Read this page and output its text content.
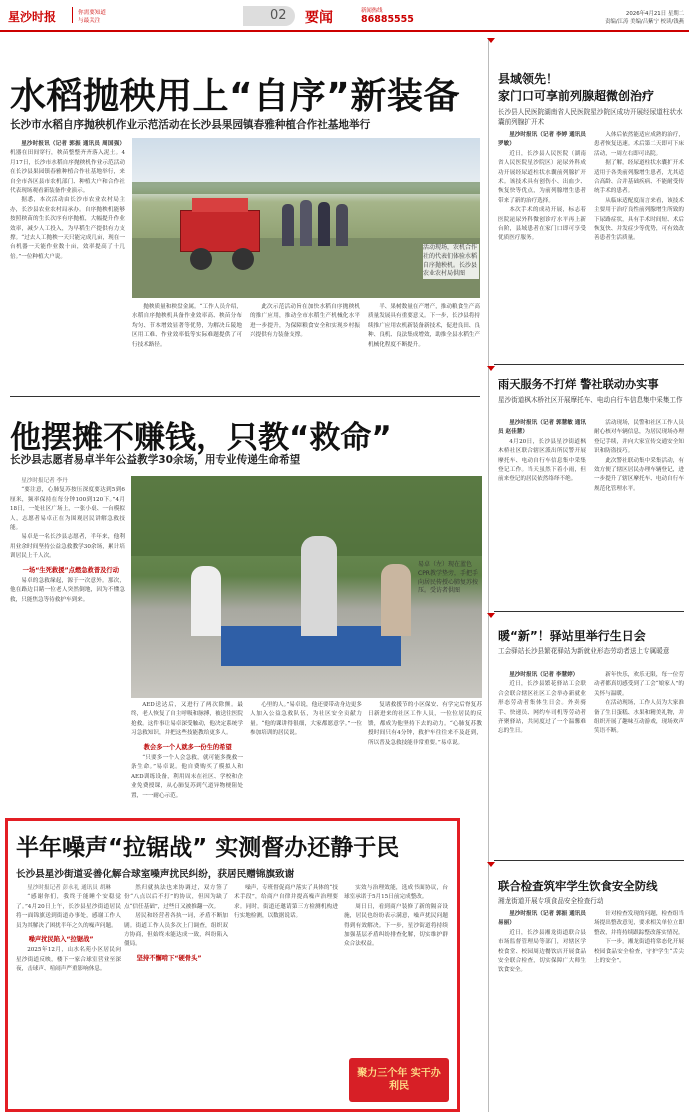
星沙时报	你需要知道
与最关注	02 要闻	新闻热线
86885555	2026年4月21日 星期二
责编/江涛 美编/吕紫宁 校读/钱燕
水稻抛秧用上“自序”新装备
长沙市水稻自序抛秧机作业示范活动在长沙县果园镇春雅种植合作社基地举行

星沙时报讯（记者 郭振 通讯员 周国强）机器在田间穿行，秧苗整整齐齐落入泥土。4月17日，长沙市水稻自序抛秧机作业示范活动在长沙县果园镇春雅种植合作社基地举行，来自全市各区县市农机部门、种植大户和合作社代表现场观看新装备作业演示。

据悉，本次活动由长沙市农业农村局主办，长沙县农业农村局承办。自序抛秧机能够按照秧苗的生长次序有序抛植，大幅提升作业效率，减少人工投入，为早稻生产提供有力支撑。“过去人工抛秧一天只能完成几亩，现在一台机器一天能作业数十亩，效率提高了十几倍。”一位种植大户说。

活动现场，农机合作社的代表们体验水稻自序抛秧机。长沙县农业农村局供图

抛秧质量和秧盘金属。“工作人员介绍，水稻自序抛秧机具备作业效率高、秧苗分布均匀、节本增效显著等优势，为解决丘陵地区用工难、作业效率低等实际难题提供了可行技术路径。

此次示范活动旨在加快水稻自序抛秧机的推广应用，推动全市水稻生产机械化水平进一步提升，为保障粮食安全和实现乡村振兴提供有力装备支撑。

半、果树数量在产增产，推动粮食生产高质量发展具有重要意义。下一步，长沙县将持续推广应用农机新装备新技术，促进良田、良种、良机、良法集成增效，助推全县水稻生产机械化程度不断提升。

他摆摊不赚钱，只教“救命”
长沙县志愿者易卓半年公益教学30余场，用专业传递生命希望

星沙时报记者 李丹

“要注意，心肺复苏按压深度要达到5到6厘米，频率保持在每分钟100到120下。”4月18日，一处社区广场上，一张小桌、一台模拟人，志愿者易卓正在为围观居民讲解急救技能。

易卓是一名长沙县志愿者，半年来，他利用业余时间坚持公益急救教学30余场，累计培训居民上千人次。

一场“生死救援”点燃急救普及行动

易卓的急救缘起，源于一次意外。那次，他在路边目睹一位老人突然倒地，因为不懂急救，只能焦急等待救护车到来。

易卓（左）现在蓝色CPR教学垫旁，手把手向居民传授心肺复苏按压。受访者供图

AED送达后，又进行了两次除颤。最终，老人恢复了自主呼吸和脉搏，被送往医院抢救。这件事让易卓深受触动，他决定系统学习急救知识，并把这些技能教给更多人。

教会多一个人就多一份生的希望

“只要多一个人会急救，就可能多挽救一条生命。”易卓说。他自费购买了模拟人和AED训练设备，利用周末在社区、学校和企业免费授课，从心肺复苏到气道异物梗阻处置，一一耐心示范。

心里的人。”易卓说，他还要带动身边更多人加入公益急救队伍，为社区安全贡献力量。“他的课讲得很细，大家都愿意学。”一位参加培训的居民说。

复诸救援节的小区保安、有学完后脊复苏日新进来的社区工作人员，一位位居民的反馈，都成为他坚持下去的动力。“心肺复苏教授时间只有4分钟，救护车往往来不及赶到，所以普及急救技能非常重要。”易卓说。

半年噪声“拉锯战” 实测督办还静于民
长沙县星沙街道妥善化解合球室噪声扰民纠纷，获居民赠锦旗致谢

星沙时报记者 彭永礼 通讯员 胡琳

“感谢你们，我终于能睡个安稳觉了。”4月20日上午，长沙县星沙街道居民将一面锦旗送到街道办事处，感谢工作人员为其解决了困扰半年之久的噪声问题。

噪声扰民陷入“拉锯战”

2025年12月，山水名苑小区居民向星沙街道反映，楼下一家合球室营业至深夜，击球声、喧闹声严重影响休息。

然归就执法也来协调过，双方签了份“八点以后不打”的协议，但因为缺了点“信任基础”，过些日又被推翻一次。

居民和经营者各执一词，矛盾不断加剧。街道工作人员多次上门调查，组织双方协商，但始终未能达成一致，纠纷陷入僵局。

坚持不懈啃下“硬骨头”

噪声，专班督促商户落实了具体的“技术手段”，给商户自律并提高噪声治理要求。同时，街道还邀请第三方检测机构进行实地检测，以数据说话。

实效与治理效能，选成书面协议，台球室承诺于5月15日前完成整改。

周日日，看到商户装修了新的隔音设施，居民也纷纷表示满意，噪声扰民问题得到有效解决。下一步，星沙街道将持续加强基层矛盾纠纷排查化解，切实维护群众合法权益。

聚力三个年 实干办利民
县域领先！
家门口可享前列腺超微创治疗
长沙县人民医院湖南省人民医院星沙院区成功开展经尿道柱状水囊前列腺扩开术

星沙时报讯（记者 李婷 通讯员 罗敏）

近日，长沙县人民医院（湖南省人民医院星沙院区）泌尿外科成功开展经尿道柱状水囊前列腺扩开术。该技术具有创伤小、出血少、恢复快等优点，为前列腺增生患者带来了新的治疗选择。

本次手术的成功开展，标志着医院泌尿外科微创诊疗水平再上新台阶，县域患者在家门口即可享受优质医疗服务。

入体后依然能适应成熟的治疗，患者恢复迅速。术后第二天即可下床活动，一周左右即可出院。

据了解，经尿道柱状水囊扩开术适用于各类前列腺增生患者，尤其适合高龄、合并基础疾病、不能耐受传统手术的患者。

从临床适配度而言来看，该技术主要用于治疗良性前列腺增生所致的下尿路症状，具有手术时间短、术后恢复快、并发症少等优势，可有效改善患者生活质量。

雨天服务不打烊 警社联动办实事
星沙街道枫木桥社区开展摩托车、电动自行车信息集中采集工作

星沙时报讯（记者 郭慧敏 通讯员 赵佳慧）

4月20日，长沙县星沙街道枫木桥社区联合辖区派出所民警开展摩托车、电动自行车信息集中采集登记工作。当天虽然下着小雨，但前来登记的居民依然络绎不绝。

活动现场，民警和社区工作人员耐心核对车辆信息，为居民现场办理登记手续，并向大家宣传交通安全知识和防盗技巧。

此次警社联动集中采集活动，有效方便了辖区居民办理车辆登记，进一步提升了辖区摩托车、电动自行车规范化管理水平。

暖“新”！驿站里举行生日会
工会驿站长沙县繁花驿站为新就业形态劳动者送上专属暖意

星沙时报讯（记者 李慧婷）

近日，长沙县繁花驿站工会联合会联合辖区社区工会举办新就业形态劳动者集体生日会。外卖骑手、快递员、网约车司机等劳动者齐聚驿站，共同度过了一个温馨难忘的生日。

新年快乐，欢乐无限，每一位劳动者都真切感受到了工会“娘家人”的关怀与温暖。

在活动现场，工作人员为大家准备了生日蛋糕、水果和精美礼物，并组织开展了趣味互动游戏，现场欢声笑语不断。

联合检查筑牢学生饮食安全防线
湘龙街道开展专项食品安全检查行动

星沙时报讯（记者 郭振 通讯员 易丽）

近日，长沙县湘龙街道联合县市场监督管理局等部门，对辖区学校食堂、校园周边餐饮店开展食品安全联合检查，切实保障广大师生饮食安全。

针对检查发现的问题，检查组当场提出整改意见，要求相关单位立即整改，并将持续跟踪整改落实情况。

下一步，湘龙街道将常态化开展校园食品安全检查，守护学生“舌尖上的安全”。
